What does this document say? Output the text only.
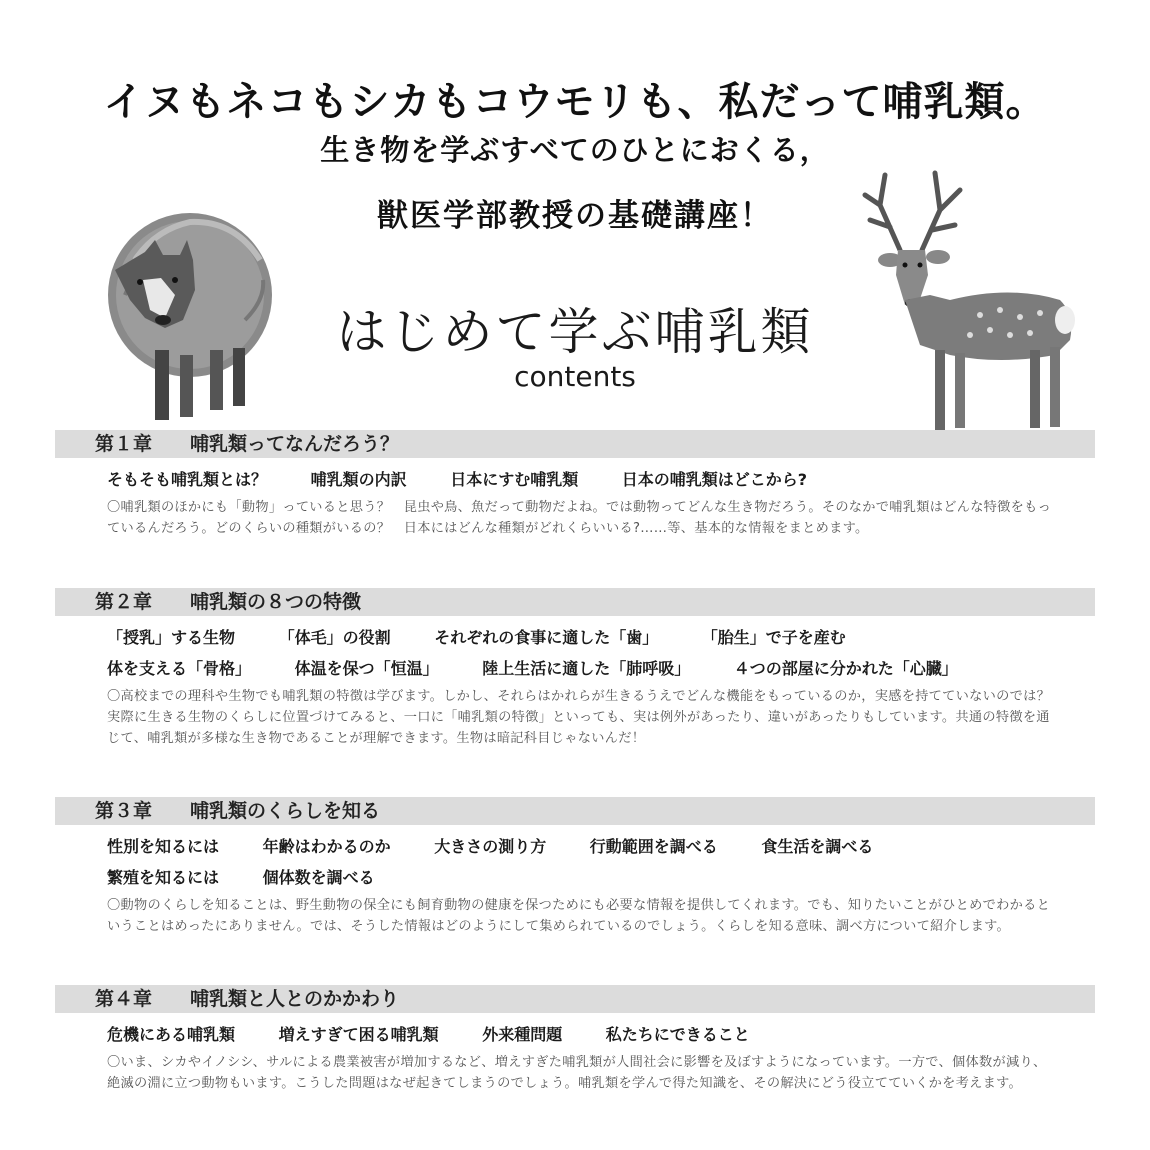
イヌもネコもシカもコウモリも、私だって哺乳類。
生き物を学ぶすべてのひとにおくる，
獣医学部教授の基礎講座！
はじめて学ぶ哺乳類
contents
第１章 哺乳類ってなんだろう？
そもそも哺乳類とは？	哺乳類の内訳	日本にすむ哺乳類	日本の哺乳類はどこから?

〇哺乳類のほかにも「動物」っていると思う？　昆虫や鳥、魚だって動物だよね。では動物ってどんな生き物だろう。そのなかで哺乳類はどんな特徴をもっているんだろう。どのくらいの種類がいるの？　日本にはどんな種類がどれくらいいる?……等、基本的な情報をまとめます。

第２章 哺乳類の８つの特徴
「授乳」する生物	「体毛」の役割	それぞれの食事に適した「歯」	「胎生」で子を産む
体を支える「骨格」	体温を保つ「恒温」	陸上生活に適した「肺呼吸」	４つの部屋に分かれた「心臓」

〇高校までの理科や生物でも哺乳類の特徴は学びます。しかし、それらはかれらが生きるうえでどんな機能をもっているのか，実感を持てていないのでは？　実際に生きる生物のくらしに位置づけてみると、一口に「哺乳類の特徴」といっても、実は例外があったり、違いがあったりもしています。共通の特徴を通じて、哺乳類が多様な生き物であることが理解できます。生物は暗記科目じゃないんだ！

第３章 哺乳類のくらしを知る
性別を知るには	年齢はわかるのか	大きさの測り方	行動範囲を調べる	食生活を調べる
繁殖を知るには	個体数を調べる

〇動物のくらしを知ることは、野生動物の保全にも飼育動物の健康を保つためにも必要な情報を提供してくれます。でも、知りたいことがひとめでわかるということはめったにありません。では、そうした情報はどのようにして集められているのでしょう。くらしを知る意味、調べ方について紹介します。

第４章 哺乳類と人とのかかわり
危機にある哺乳類	増えすぎて困る哺乳類	外来種問題	私たちにできること

〇いま、シカやイノシシ、サルによる農業被害が増加するなど、増えすぎた哺乳類が人間社会に影響を及ぼすようになっています。一方で、個体数が減り、絶滅の淵に立つ動物もいます。こうした問題はなぜ起きてしまうのでしょう。哺乳類を学んで得た知識を、その解決にどう役立てていくかを考えます。
